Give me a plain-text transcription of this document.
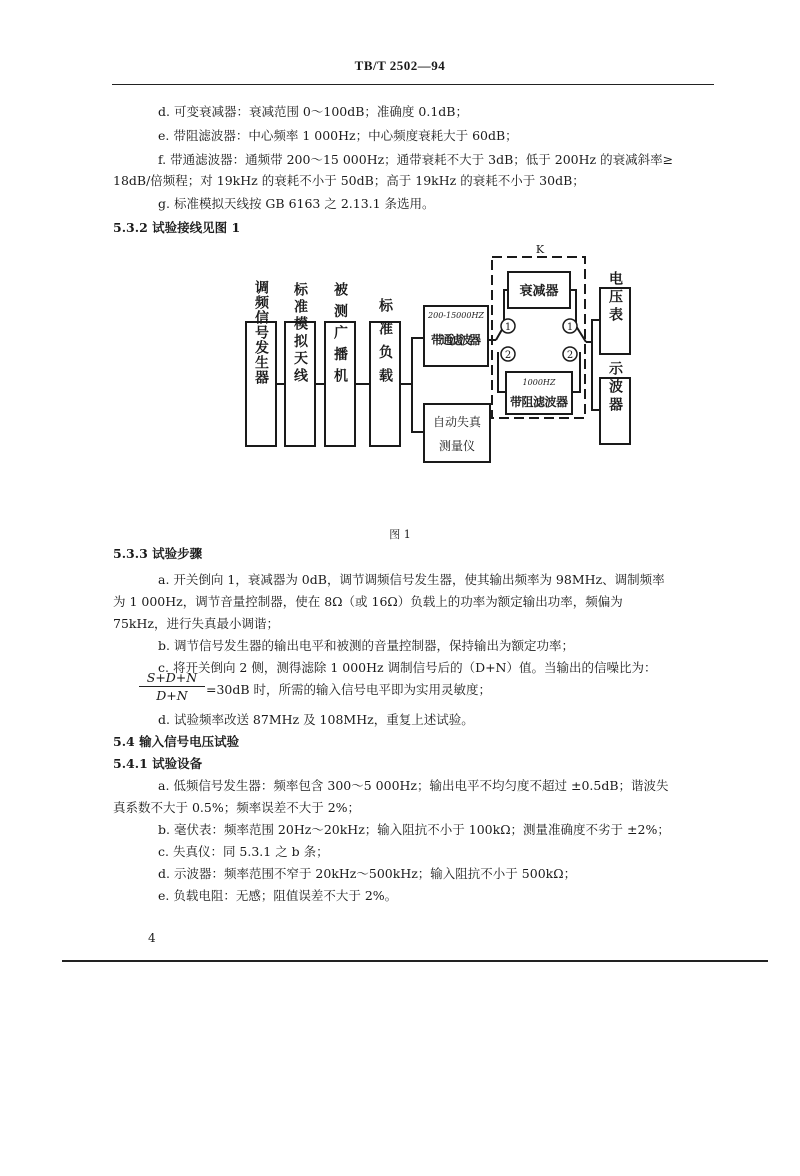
TB/T 2502—94
d. 可变衰减器：衰减范围 0～100dB；准确度 0.1dB；
e. 带阻滤波器：中心频率 1 000Hz；中心频度衰耗大于 60dB；
f. 带通滤波器：通频带 200～15 000Hz；通带衰耗不大于 3dB；低于 200Hz 的衰减斜率≥
18dB/倍频程；对 19kHz 的衰耗不小于 50dB；高于 19kHz 的衰耗不小于 30dB；
g. 标准模拟天线按 GB 6163 之 2.13.1 条选用。
5.3.2 试验接线见图 1
1
2
1
2
K
200-15000HZ
带通滤波器
衰减器
1000HZ
带阻滤波器
自动失真
测量仪
调频信号发生器
标准模拟天线
被测广播机
标准负载
电压表
示波器
图 1
5.3.3 试验步骤
a. 开关倒向 1，衰减器为 0dB，调节调频信号发生器，使其输出频率为 98MHz、调制频率
为 1 000Hz，调节音量控制器，使在 8Ω（或 16Ω）负载上的功率为额定输出功率，频偏为
75kHz，进行失真最小调谐；
b. 调节信号发生器的输出电平和被测的音量控制器，保持输出为额定功率；
c. 将开关倒向 2 侧，测得滤除 1 000Hz 调制信号后的（D+N）值。当输出的信噪比为：
$\frac{S+D+N}{D+N} =30dB$ 时，所需的输入信号电平即为实用灵敏度；
d. 试验频率改送 87MHz 及 108MHz，重复上述试验。
5.4 输入信号电压试验
5.4.1 试验设备
a. 低频信号发生器：频率包含 300～5 000Hz；输出电平不均匀度不超过 ±0.5dB；谐波失
真系数不大于 0.5%；频率误差不大于 2%；
b. 毫伏表：频率范围 20Hz～20kHz；输入阻抗不小于 100kΩ；测量准确度不劣于 ±2%；
c. 失真仪：同 5.3.1 之 b 条；
d. 示波器：频率范围不窄于 20kHz～500kHz；输入阻抗不小于 500kΩ；
e. 负载电阻：无感；阻值误差不大于 2%。
4
